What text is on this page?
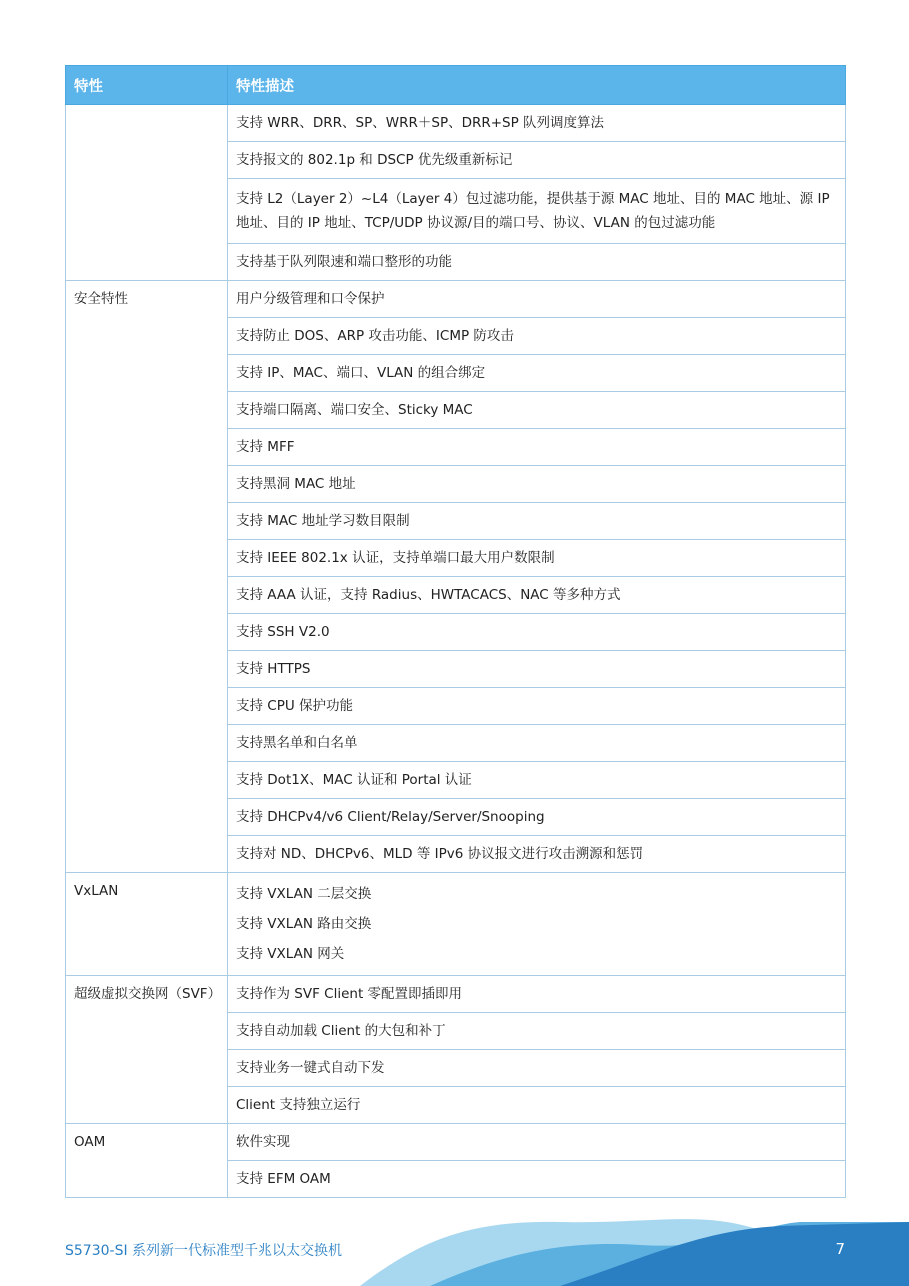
特性	特性描述
	支持 WRR、DRR、SP、WRR＋SP、DRR+SP 队列调度算法
	支持报文的 802.1p 和 DSCP 优先级重新标记
	支持 L2（Layer 2）~L4（Layer 4）包过滤功能，提供基于源 MAC 地址、目的 MAC 地址、源 IP 地址、目的 IP 地址、TCP/UDP 协议源/目的端口号、协议、VLAN 的包过滤功能
	支持基于队列限速和端口整形的功能
安全特性	用户分级管理和口令保护
	支持防止 DOS、ARP 攻击功能、ICMP 防攻击
	支持 IP、MAC、端口、VLAN 的组合绑定
	支持端口隔离、端口安全、Sticky MAC
	支持 MFF
	支持黑洞 MAC 地址
	支持 MAC 地址学习数目限制
	支持 IEEE 802.1x 认证，支持单端口最大用户数限制
	支持 AAA 认证，支持 Radius、HWTACACS、NAC 等多种方式
	支持 SSH V2.0
	支持 HTTPS
	支持 CPU 保护功能
	支持黑名单和白名单
	支持 Dot1X、MAC 认证和 Portal 认证
	支持 DHCPv4/v6 Client/Relay/Server/Snooping
	支持对 ND、DHCPv6、MLD 等 IPv6 协议报文进行攻击溯源和惩罚
VxLAN	支持 VXLAN 二层交换
支持 VXLAN 路由交换
支持 VXLAN 网关

超级虚拟交换网（SVF）	支持作为 SVF Client 零配置即插即用
	支持自动加载 Client 的大包和补丁
	支持业务一键式自动下发
	Client 支持独立运行
OAM	软件实现
	支持 EFM OAM
S5730-SI 系列新一代标准型千兆以太交换机	7
